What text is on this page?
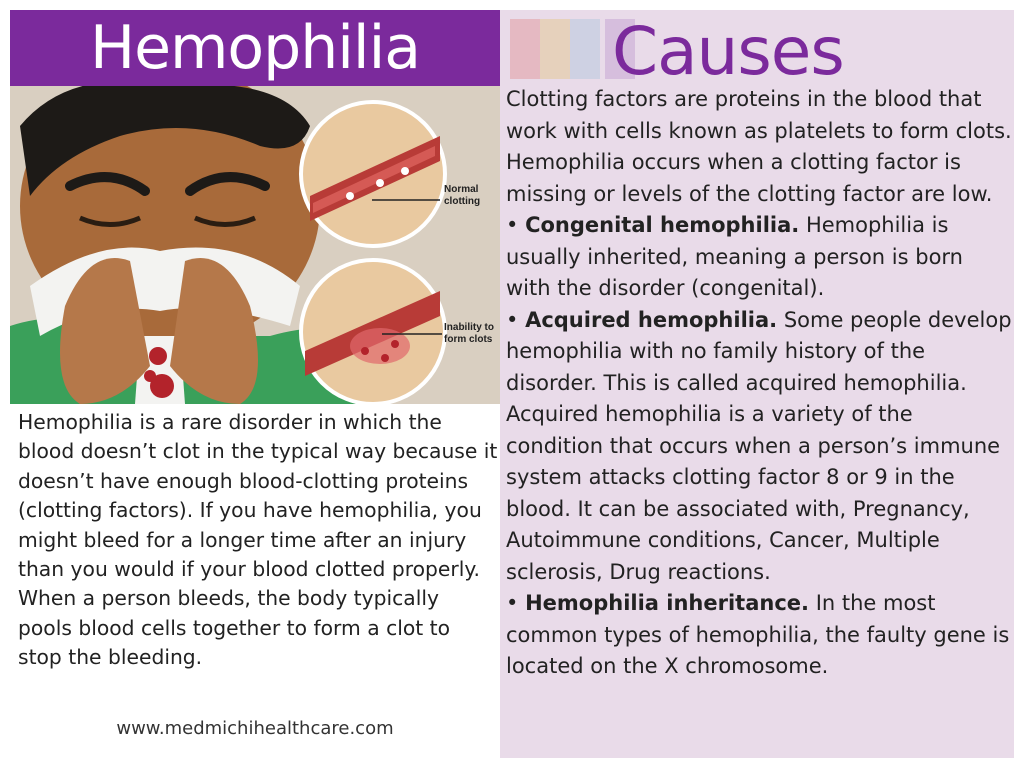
Hemophilia
Normal clotting
Inability to form clots

Hemophilia is a rare disorder in which the blood doesn’t clot in the typical way because it doesn’t have enough blood-clotting proteins (clotting factors). If you have hemophilia, you might bleed for a longer time after an injury than you would if your blood clotted properly. When a person bleeds, the body typically pools blood cells together to form a clot to stop the bleeding.

www.medmichihealthcare.com
Causes

Clotting factors are proteins in the blood that work with cells known as platelets to form clots. Hemophilia occurs when a clotting factor is missing or levels of the clotting factor are low.

• Congenital hemophilia. Hemophilia is usually inherited, meaning a person is born with the disorder (congenital).

• Acquired hemophilia. Some people develop hemophilia with no family history of the disorder. This is called acquired hemophilia.

Acquired hemophilia is a variety of the condition that occurs when a person’s immune system attacks clotting factor 8 or 9 in the blood. It can be associated with, Pregnancy, Autoimmune conditions, Cancer, Multiple sclerosis, Drug reactions.

• Hemophilia inheritance. In the most common types of hemophilia, the faulty gene is located on the X chromosome.
